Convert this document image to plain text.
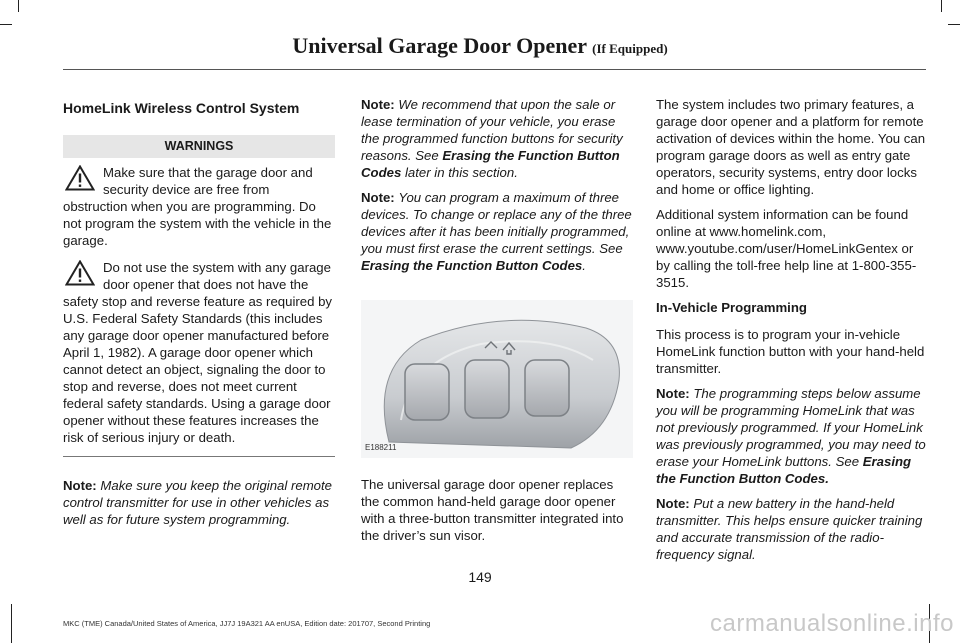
Universal Garage Door Opener (If Equipped)
HomeLink Wireless Control System
WARNINGS
Make sure that the garage door and security device are free from obstruction when you are programming. Do not program the system with the vehicle in the garage.
Do not use the system with any garage door opener that does not have the safety stop and reverse feature as required by U.S. Federal Safety Standards (this includes any garage door opener manufactured before April 1, 1982). A garage door opener which cannot detect an object, signaling the door to stop and reverse, does not meet current federal safety standards. Using a garage door opener without these features increases the risk of serious injury or death.

Note: Make sure you keep the original remote control transmitter for use in other vehicles as well as for future system programming.

Note: We recommend that upon the sale or lease termination of your vehicle, you erase the programmed function buttons for security reasons. See Erasing the Function Button Codes later in this section.

Note: You can program a maximum of three devices. To change or replace any of the three devices after it has been initially programmed, you must first erase the current settings. See Erasing the Function Button Codes.

E188211

The universal garage door opener replaces the common hand-held garage door opener with a three-button transmitter integrated into the driver’s sun visor.

The system includes two primary features, a garage door opener and a platform for remote activation of devices within the home. You can program garage doors as well as entry gate operators, security systems, entry door locks and home or office lighting.

Additional system information can be found online at www.homelink.com, www.youtube.com/user/HomeLinkGentex or by calling the toll-free help line at 1-800-355-3515.

In-Vehicle Programming

This process is to program your in-vehicle HomeLink function button with your hand-held transmitter.

Note: The programming steps below assume you will be programming HomeLink that was not previously programmed. If your HomeLink was previously programmed, you may need to erase your HomeLink buttons. See Erasing the Function Button Codes.

Note: Put a new battery in the hand-held transmitter. This helps ensure quicker training and accurate transmission of the radio-frequency signal.

149
MKC (TME) Canada/United States of America, JJ7J 19A321 AA enUSA, Edition date: 201707, Second Printing	carmanualsonline.info
